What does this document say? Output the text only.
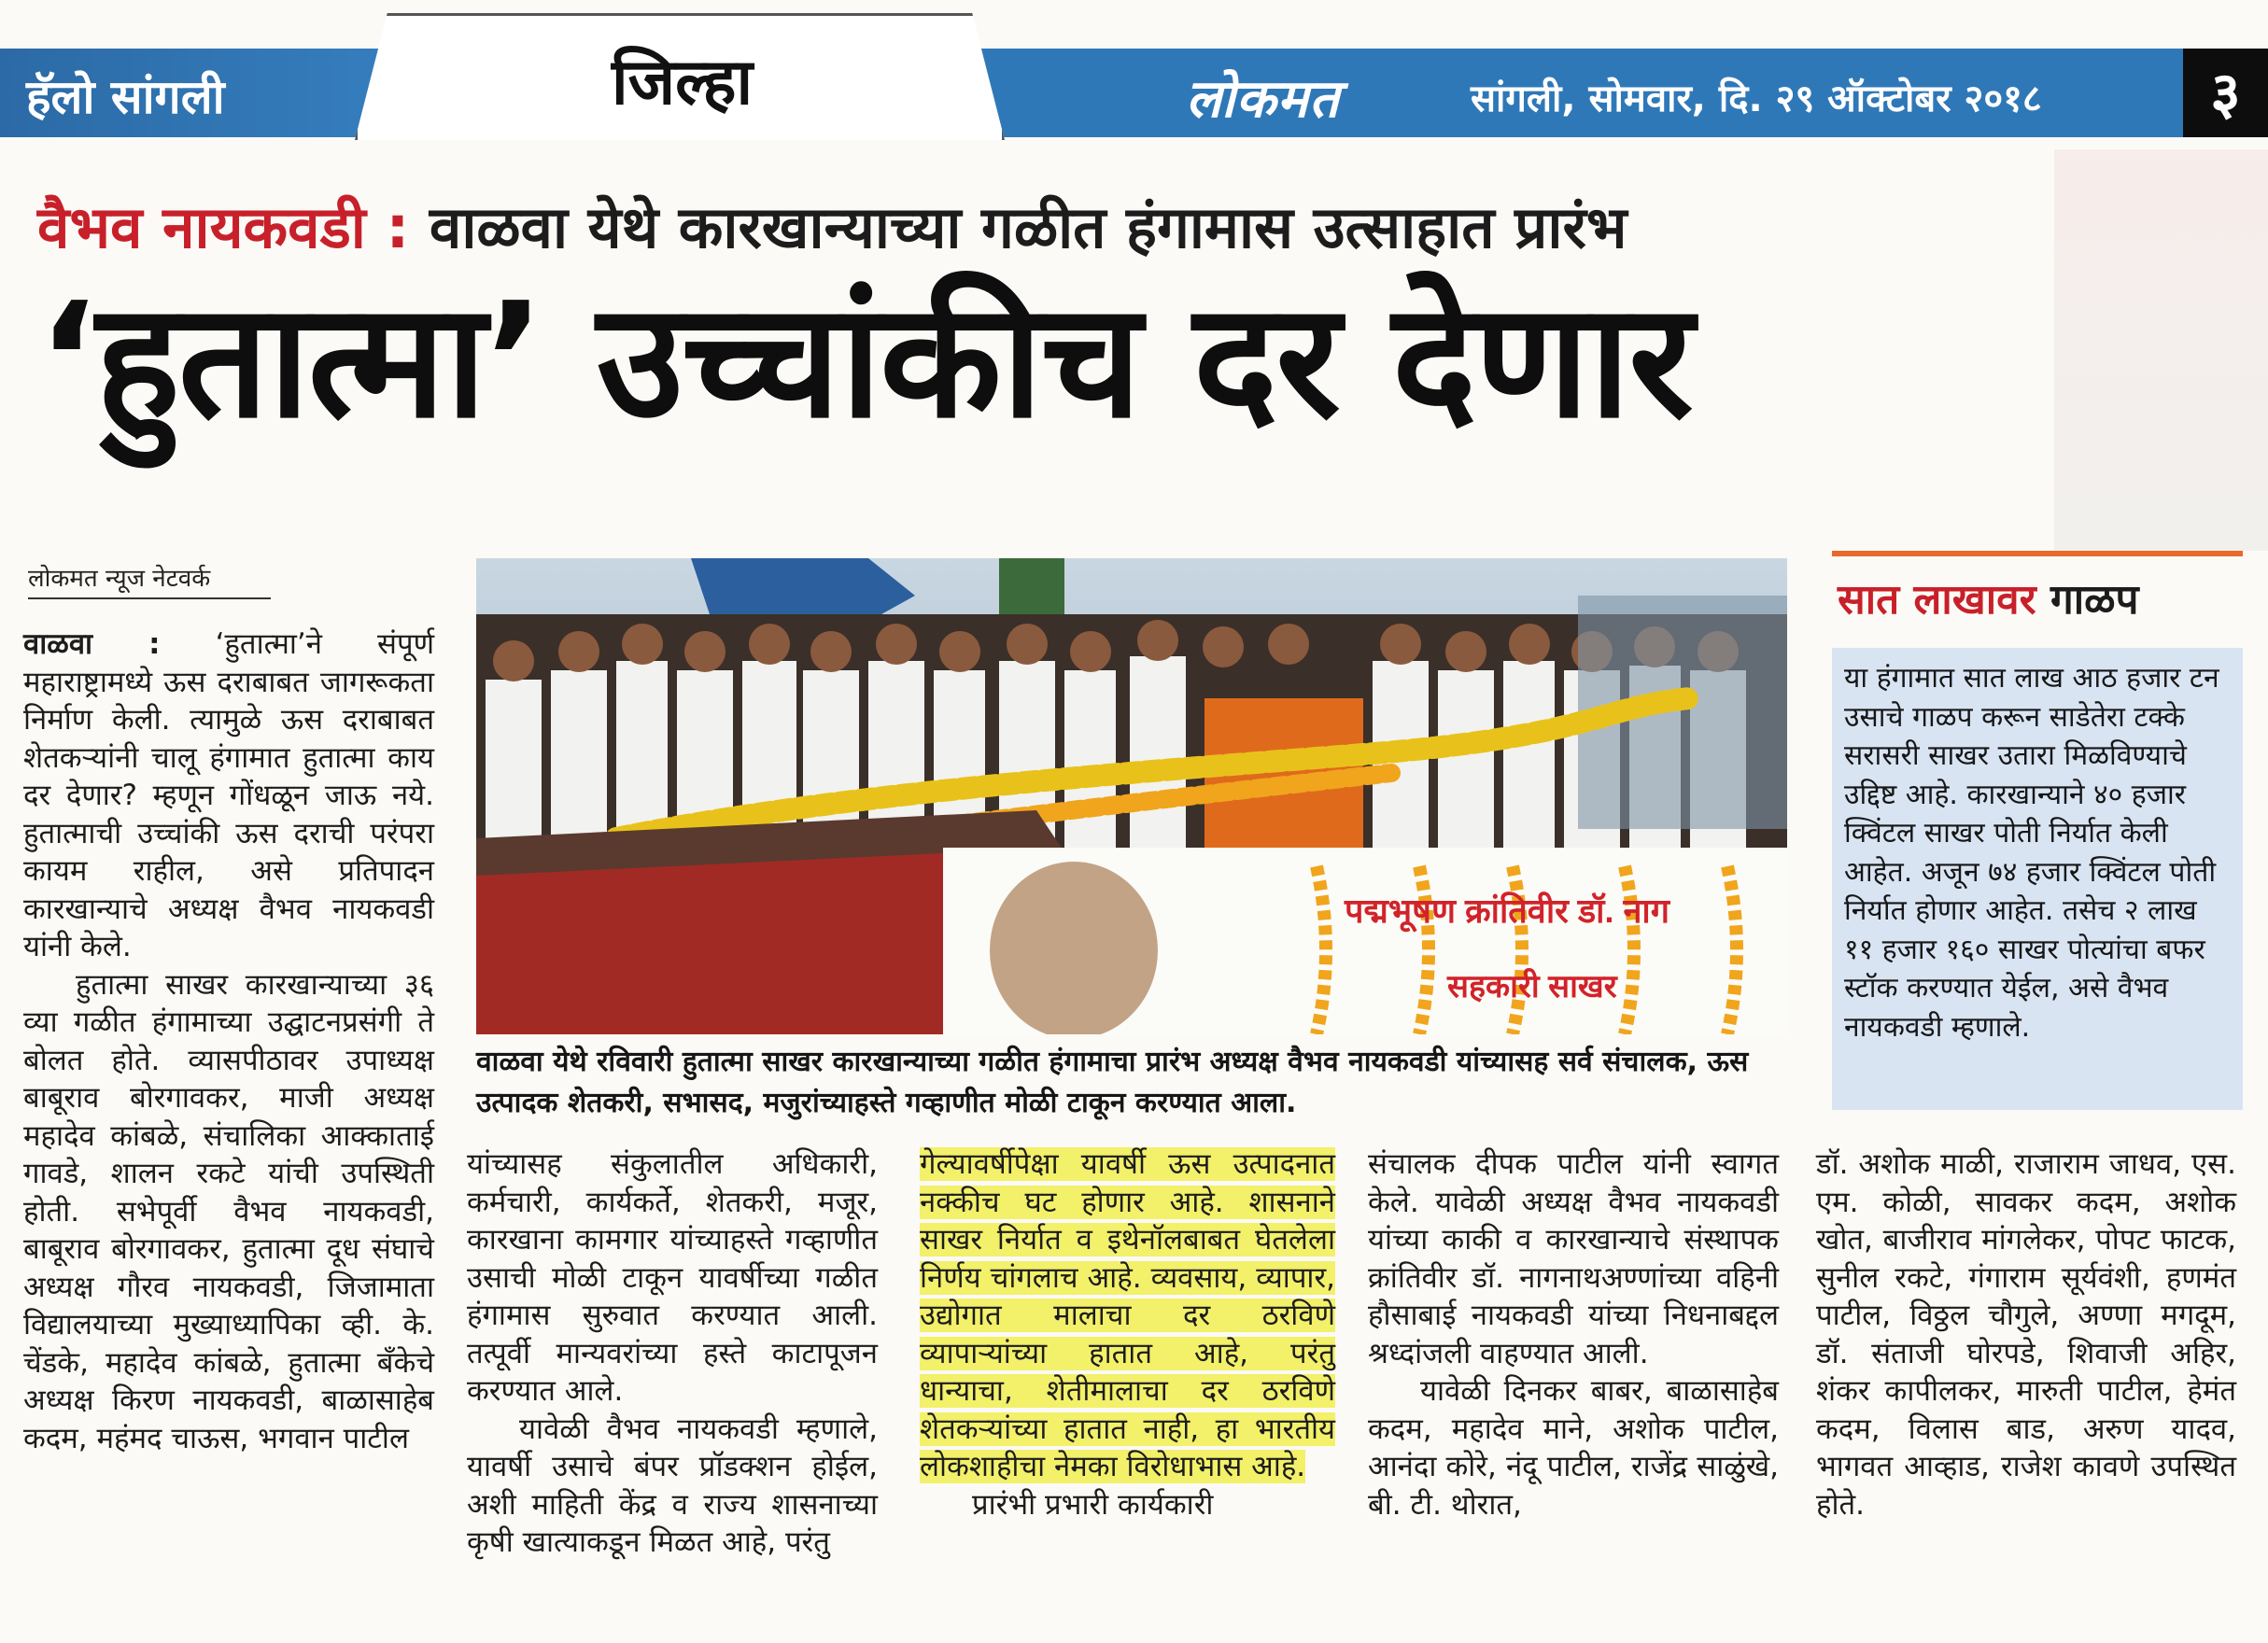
हॅलो सांगली	लोकमत	सांगली, सोमवार, दि. २९ ऑक्टोबर २०१८
जिल्हा	३
वैभव नायकवडी : वाळवा येथे कारखान्याच्या गळीत हंगामास उत्साहात प्रारंभ
‘हुतात्मा’ उच्चांकीच दर देणार
लोकमत न्यूज नेटवर्क

वाळवा : ‘हुतात्मा’ने संपूर्ण महाराष्ट्रामध्ये ऊस दराबाबत जागरूकता निर्माण केली. त्यामुळे ऊस दराबाबत शेतकऱ्यांनी चालू हंगामात हुतात्मा काय दर देणार? म्हणून गोंधळून जाऊ नये. हुतात्माची उच्चांकी ऊस दराची परंपरा कायम राहील, असे प्रतिपादन कारखान्याचे अध्यक्ष वैभव नायकवडी यांनी केले.

हुतात्मा साखर कारखान्याच्या ३६ व्या गळीत हंगामाच्या उद्घाटनप्रसंगी ते बोलत होते. व्यासपीठावर उपाध्यक्ष बाबूराव बोरगावकर, माजी अध्यक्ष महादेव कांबळे, संचालिका आक्काताई गावडे, शालन रकटे यांची उपस्थिती होती. सभेपूर्वी वैभव नायकवडी, बाबूराव बोरगावकर, हुतात्मा दूध संघाचे अध्यक्ष गौरव नायकवडी, जिजामाता विद्यालयाच्या मुख्याध्यापिका व्ही. के. चेंडके, महादेव कांबळे, हुतात्मा बँकेचे अध्यक्ष किरण नायकवडी, बाळासाहेब कदम, महंमद चाऊस, भगवान पाटील

पद्मभूषण क्रांतिवीर डॉ. नाग
सहकारी साखर
वाळवा येथे रविवारी हुतात्मा साखर कारखान्याच्या गळीत हंगामाचा प्रारंभ अध्यक्ष वैभव नायकवडी यांच्यासह सर्व संचालक, ऊस उत्पादक शेतकरी, सभासद, मजुरांच्याहस्ते गव्हाणीत मोळी टाकून करण्यात आला.
सात लाखावर गाळप
या हंगामात सात लाख आठ हजार टन उसाचे गाळप करून साडेतेरा टक्के सरासरी साखर उतारा मिळविण्याचे उद्दिष्ट आहे. कारखान्याने ४० हजार क्विंटल साखर पोती निर्यात केली आहेत. अजून ७४ हजार क्विंटल पोती निर्यात होणार आहेत. तसेच २ लाख ११ हजार १६० साखर पोत्यांचा बफर स्टॉक करण्यात येईल, असे वैभव नायकवडी म्हणाले.

यांच्यासह संकुलातील अधिकारी, कर्मचारी, कार्यकर्ते, शेतकरी, मजूर, कारखाना कामगार यांच्याहस्ते गव्हाणीत उसाची मोळी टाकून यावर्षीच्या गळीत हंगामास सुरुवात करण्यात आली. तत्पूर्वी मान्यवरांच्या हस्ते काटापूजन करण्यात आले.

यावेळी वैभव नायकवडी म्हणाले, यावर्षी उसाचे बंपर प्रॉडक्शन होईल, अशी माहिती केंद्र व राज्य शासनाच्या कृषी खात्याकडून मिळत आहे, परंतु

गेल्यावर्षीपेक्षा यावर्षी ऊस उत्पादनात नक्कीच घट होणार आहे. शासनाने साखर निर्यात व इथेनॉलबाबत घेतलेला निर्णय चांगलाच आहे. व्यवसाय, व्यापार, उद्योगात मालाचा दर ठरविणे व्यापाऱ्यांच्या हातात आहे, परंतु धान्याचा, शेतीमालाचा दर ठरविणे शेतकऱ्यांच्या हातात नाही, हा भारतीय लोकशाहीचा नेमका विरोधाभास आहे.

प्रारंभी प्रभारी कार्यकारी

संचालक दीपक पाटील यांनी स्वागत केले. यावेळी अध्यक्ष वैभव नायकवडी यांच्या काकी व कारखान्याचे संस्थापक क्रांतिवीर डॉ. नागनाथअण्णांच्या वहिनी हौसाबाई नायकवडी यांच्या निधनाबद्दल श्रध्दांजली वाहण्यात आली.

यावेळी दिनकर बाबर, बाळासाहेब कदम, महादेव माने, अशोक पाटील, आनंदा कोरे, नंदू पाटील, राजेंद्र साळुंखे, बी. टी. थोरात,

डॉ. अशोक माळी, राजाराम जाधव, एस. एम. कोळी, सावकर कदम, अशोक खोत, बाजीराव मांगलेकर, पोपट फाटक, सुनील रकटे, गंगाराम सूर्यवंशी, हणमंत पाटील, विठ्ठल चौगुले, अण्णा मगदूम, डॉ. संताजी घोरपडे, शिवाजी अहिर, शंकर कापीलकर, मारुती पाटील, हेमंत कदम, विलास बाड, अरुण यादव, भागवत आव्हाड, राजेश कावणे उपस्थित होते.
